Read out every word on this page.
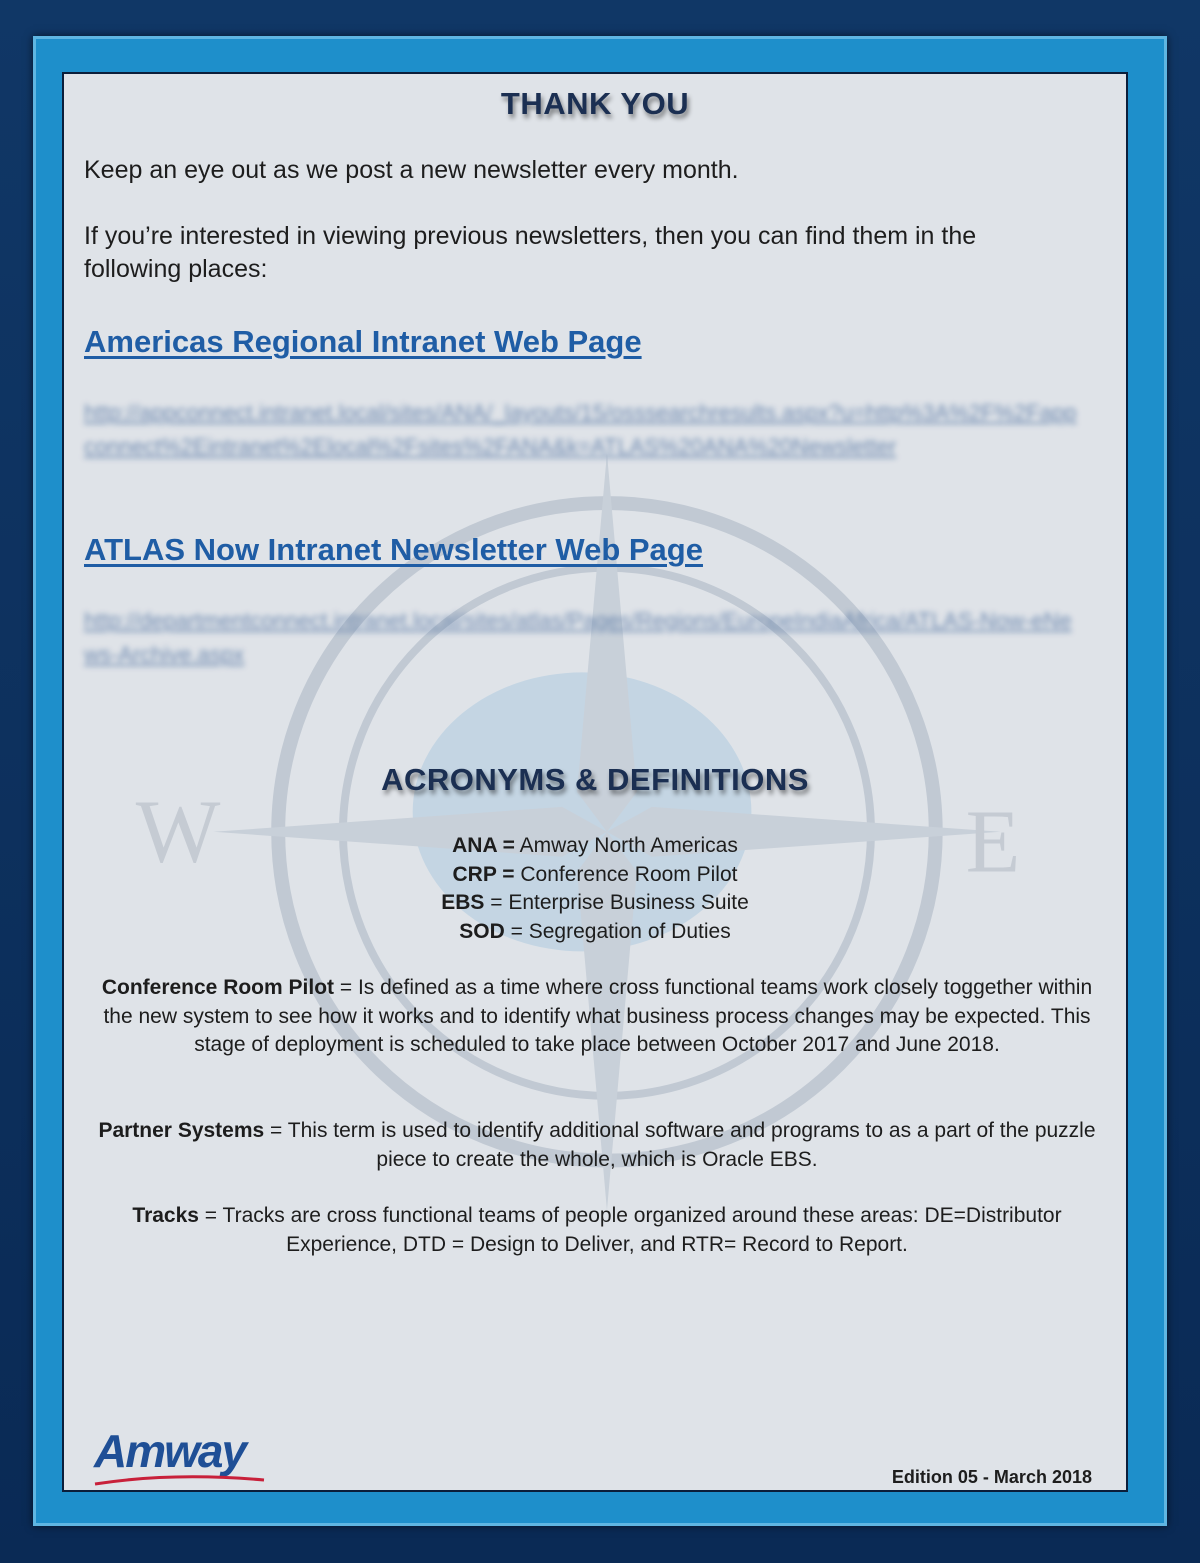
W	E
THANK YOU

Keep an eye out as we post a new newsletter every month.

If you’re interested in viewing previous newsletters, then you can find them in the following places:

Americas Regional Intranet Web Page

http://appconnect.intranet.local/sites/ANA/_layouts/15/osssearchresults.aspx?u=http%3A%2F%2Fappconnect%2Eintranet%2Elocal%2Fsites%2FANA&k=ATLAS%20ANA%20Newsletter

ATLAS Now Intranet Newsletter Web Page

http://departmentconnect.intranet.local/sites/atlas/Pages/Regions/EuropeIndiaAfrica/ATLAS-Now-eNews-Archive.aspx
ACRONYMS & DEFINITIONS
ANA = Amway North Americas
CRP = Conference Room Pilot
EBS = Enterprise Business Suite
SOD = Segregation of Duties

Conference Room Pilot = Is defined as a time where cross functional teams work closely toggether within the new system to see how it works and to identify what business process changes may be expected. This stage of deployment is scheduled to take place between October 2017 and June 2018.

Partner Systems = This term is used to identify additional software and programs to as a part of the puzzle piece to create the whole, which is Oracle EBS.

Tracks = Tracks are cross functional teams of people organized around these areas: DE=Distributor Experience, DTD = Design to Deliver, and RTR= Record to Report.

Amway	Edition 05 - March 2018
